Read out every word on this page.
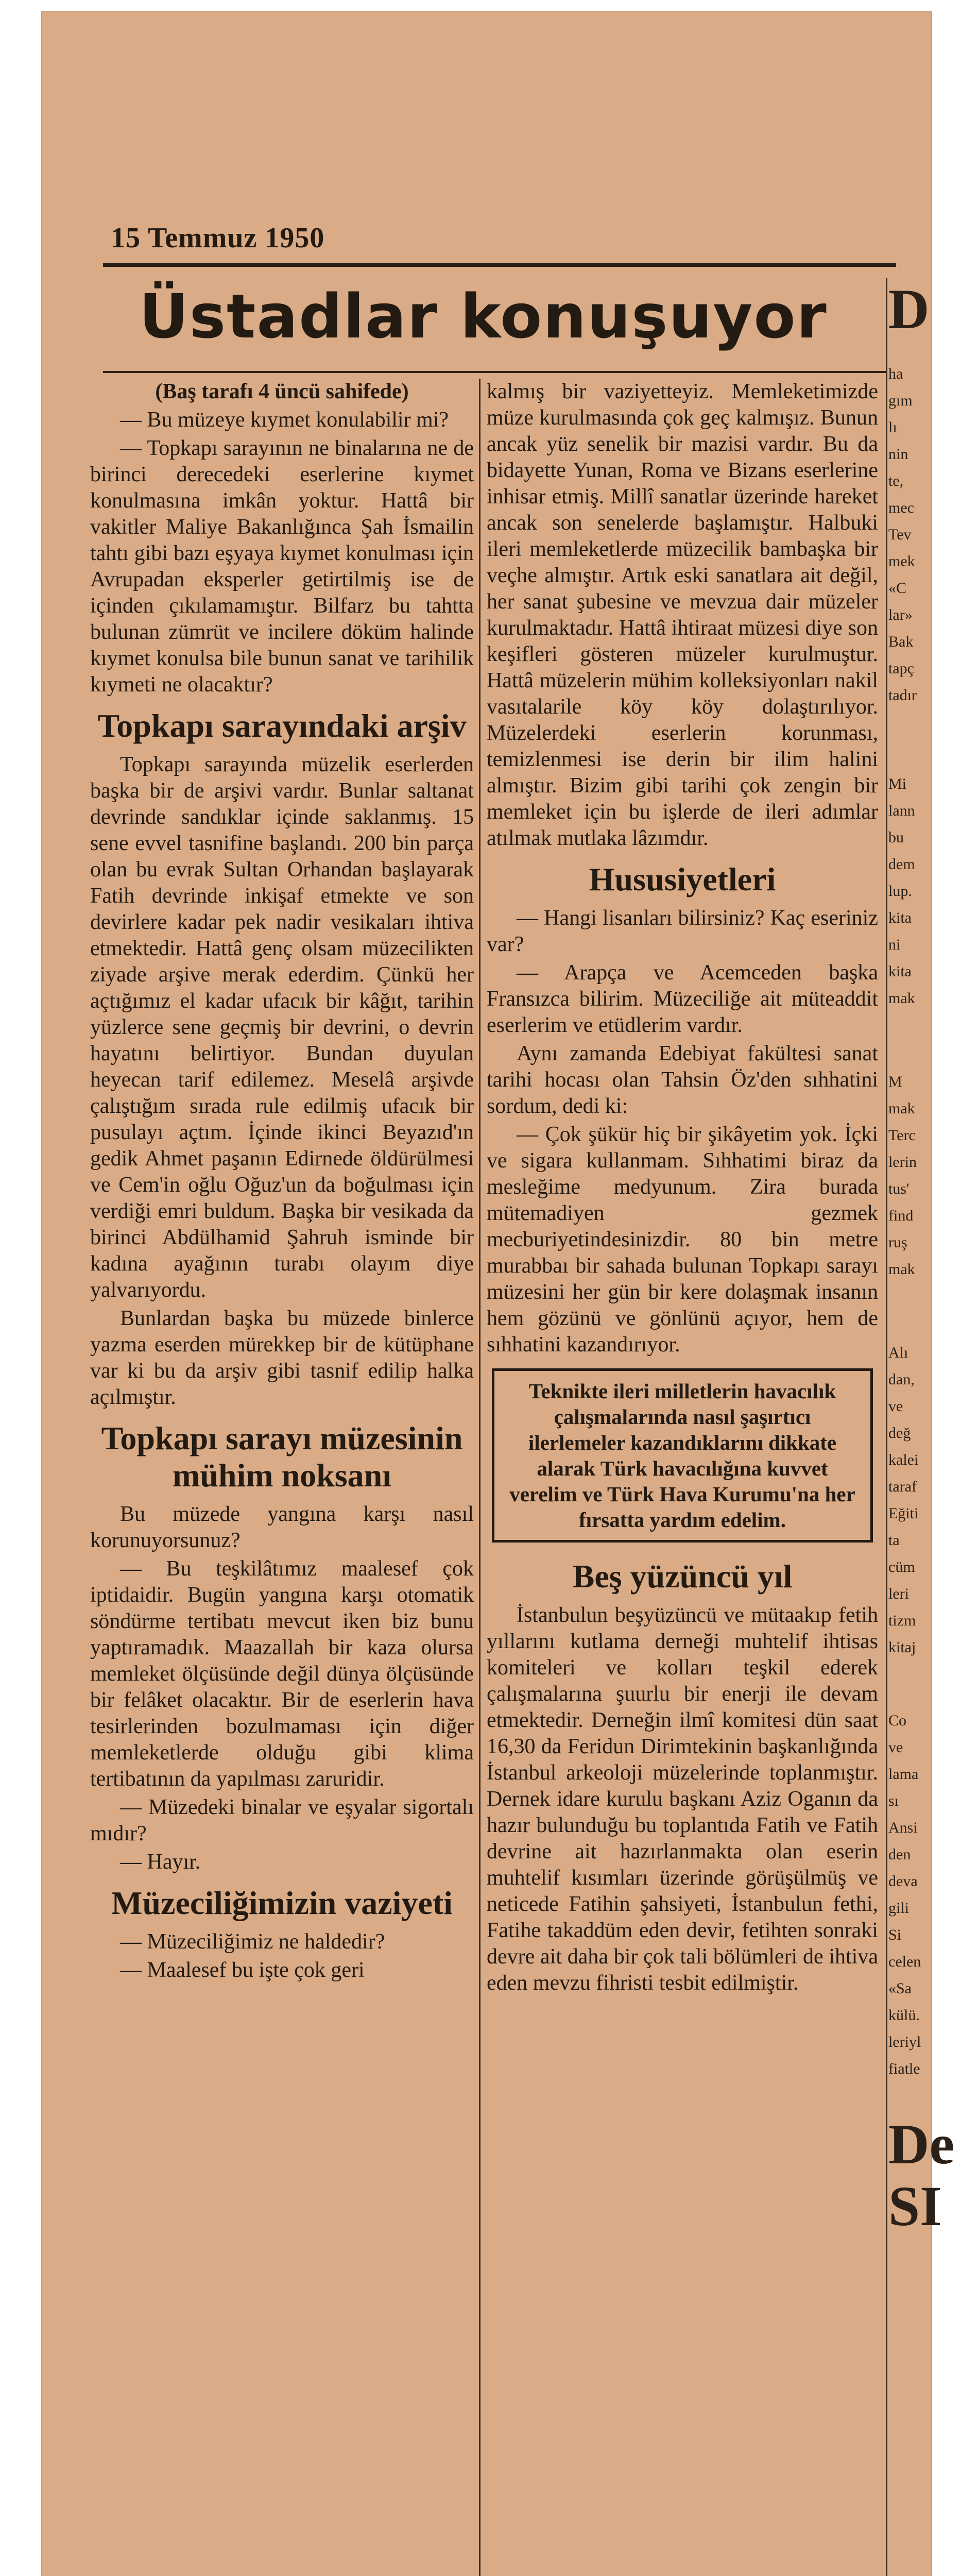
15 Temmuz 1950
Üstadlar konuşuyor

(Baş tarafı 4 üncü sahifede)

— Bu müzeye kıymet konulabilir mi?

— Topkapı sarayının ne binalarına ne de birinci derecedeki eserlerine kıymet konulmasına imkân yoktur. Hattâ bir vakitler Maliye Bakanlığınca Şah İsmailin tahtı gibi bazı eşyaya kıymet konulması için Avrupadan eksperler getirtilmiş ise de içinden çıkılamamıştır. Bilfarz bu tahtta bulunan zümrüt ve incilere döküm halinde kıymet konulsa bile bunun sanat ve tarihilik kıymeti ne olacaktır?

Topkapı sarayındaki arşiv

Topkapı sarayında müzelik eserlerden başka bir de arşivi vardır. Bunlar saltanat devrinde sandıklar içinde saklanmış. 15 sene evvel tasnifine başlandı. 200 bin parça olan bu evrak Sultan Orhandan başlayarak Fatih devrinde inkişaf etmekte ve son devirlere kadar pek nadir vesikaları ihtiva etmektedir. Hattâ genç olsam müzecilikten ziyade arşive merak ederdim. Çünkü her açtığımız el kadar ufacık bir kâğıt, tarihin yüzlerce sene geçmiş bir devrini, o devrin hayatını belirtiyor. Bundan duyulan heyecan tarif edilemez. Meselâ arşivde çalıştığım sırada rule edilmiş ufacık bir pusulayı açtım. İçinde ikinci Beyazıd'ın gedik Ahmet paşanın Edirnede öldürülmesi ve Cem'in oğlu Oğuz'un da boğulması için verdiği emri buldum. Başka bir vesikada da birinci Abdülhamid Şahruh isminde bir kadına ayağının turabı olayım diye yalvarıyordu.

Bunlardan başka bu müzede binlerce yazma eserden mürekkep bir de kütüphane var ki bu da arşiv gibi tasnif edilip halka açılmıştır.

Topkapı sarayı müzesinin mühim noksanı

Bu müzede yangına karşı nasıl korunuyorsunuz?

— Bu teşkilâtımız maalesef çok iptidaidir. Bugün yangına karşı otomatik söndürme tertibatı mevcut iken biz bunu yaptıramadık. Maazallah bir kaza olursa memleket ölçüsünde değil dünya ölçüsünde bir felâket olacaktır. Bir de eserlerin hava tesirlerinden bozulmaması için diğer memleketlerde olduğu gibi klima tertibatının da yapılması zaruridir.

— Müzedeki binalar ve eşyalar sigortalı mıdır?

— Hayır.

Müzeciliğimizin vaziyeti

— Müzeciliğimiz ne haldedir?

— Maalesef bu işte çok geri

kalmış bir vaziyetteyiz. Memleketimizde müze kurulmasında çok geç kalmışız. Bunun ancak yüz senelik bir mazisi vardır. Bu da bidayette Yunan, Roma ve Bizans eserlerine inhisar etmiş. Millî sanatlar üzerinde hareket ancak son senelerde başlamıştır. Halbuki ileri memleketlerde müzecilik bambaşka bir veçhe almıştır. Artık eski sanatlara ait değil, her sanat şubesine ve mevzua dair müzeler kurulmaktadır. Hattâ ihtiraat müzesi diye son keşifleri gösteren müzeler kurulmuştur. Hattâ müzelerin mühim kolleksiyonları nakil vasıtalarile köy köy dolaştırılıyor. Müzelerdeki eserlerin korunması, temizlenmesi ise derin bir ilim halini almıştır. Bizim gibi tarihi çok zengin bir memleket için bu işlerde de ileri adımlar atılmak mutlaka lâzımdır.

Hususiyetleri

— Hangi lisanları bilirsiniz? Kaç eseriniz var?

— Arapça ve Acemceden başka Fransızca bilirim. Müzeciliğe ait müteaddit eserlerim ve etüdlerim vardır.

Aynı zamanda Edebiyat fakültesi sanat tarihi hocası olan Tahsin Öz'den sıhhatini sordum, dedi ki:

— Çok şükür hiç bir şikâyetim yok. İçki ve sigara kullanmam. Sıhhatimi biraz da mesleğime medyunum. Zira burada mütemadiyen gezmek mecburiyetindesinizdir. 80 bin metre murabbaı bir sahada bulunan Topkapı sarayı müzesini her gün bir kere dolaşmak insanın hem gözünü ve gönlünü açıyor, hem de sıhhatini kazandırıyor.

Teknikte ileri milletlerin havacılık çalışmalarında nasıl şaşırtıcı ilerlemeler kazandıklarını dikkate alarak Türk havacılığına kuvvet verelim ve Türk Hava Kurumu'na her fırsatta yardım edelim.
Beş yüzüncü yıl

İstanbulun beşyüzüncü ve mütaakıp fetih yıllarını kutlama derneği muhtelif ihtisas komiteleri ve kolları teşkil ederek çalışmalarına şuurlu bir enerji ile devam etmektedir. Derneğin ilmî komitesi dün saat 16,30 da Feridun Dirimtekinin başkanlığında İstanbul arkeoloji müzelerinde toplanmıştır. Dernek idare kurulu başkanı Aziz Oganın da hazır bulunduğu bu toplantıda Fatih ve Fatih devrine ait hazırlanmakta olan eserin muhtelif kısımları üzerinde görüşülmüş ve neticede Fatihin şahsiyeti, İstanbulun fethi, Fatihe takaddüm eden devir, fetihten sonraki devre ait daha bir çok tali bölümleri de ihtiva eden mevzu fihristi tesbit edilmiştir.

D
ha
gım
lı
nin
te,
mec
Tev
mek
«C
lar»
Bak
tapç
tadır
Mi
lann
bu
dem
lup.
kita
ni
kita
mak
M
mak
Terc
lerin
tus'
find
ruş
mak
Alı
dan,
ve
değ
kalei
taraf
Eğiti
ta
cüm
leri
tizm
kitaj
Co
ve
lama
sı
Ansi
den
deva
gili
Si
celen
«Sa
külü.
leriyl
fiatle
De
SI
